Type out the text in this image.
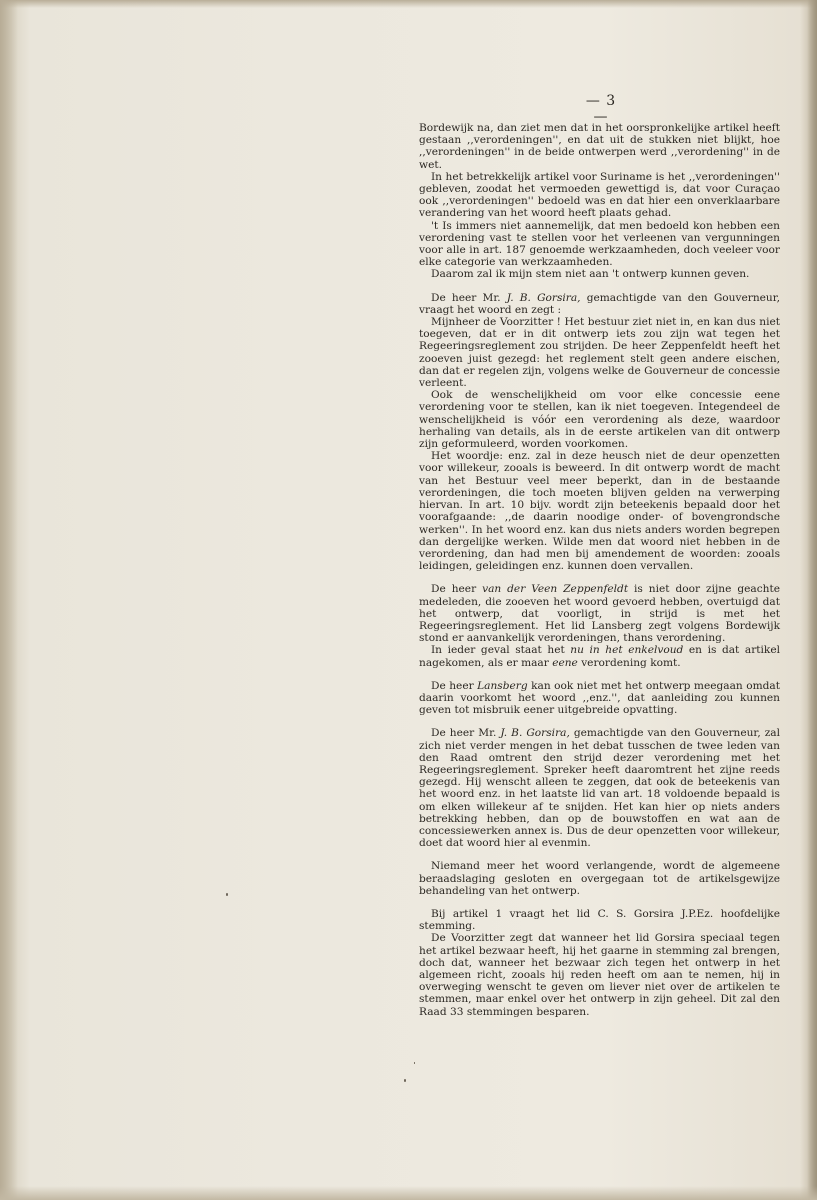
— 3 —

Bordewijk na, dan ziet men dat in het oorspronkelijke artikel heeft gestaan ,,verordeningen'', en dat uit de stukken niet blijkt, hoe ,,verordeningen'' in de beide ontwerpen werd ,,verordening'' in de wet.

In het betrekkelijk artikel voor Suriname is het ,,verordeningen'' gebleven, zoodat het vermoeden gewettigd is, dat voor Curaçao ook ,,verordeningen'' bedoeld was en dat hier een onverklaarbare verandering van het woord heeft plaats gehad.

't Is immers niet aannemelijk, dat men bedoeld kon hebben een verordening vast te stellen voor het verleenen van vergunningen voor alle in art. 187 genoemde werkzaamheden, doch veeleer voor elke categorie van werkzaamheden.

Daarom zal ik mijn stem niet aan 't ontwerp kunnen geven.

De heer Mr. J. B. Gorsira, gemachtigde van den Gouverneur, vraagt het woord en zegt :

Mijnheer de Voorzitter ! Het bestuur ziet niet in, en kan dus niet toegeven, dat er in dit ontwerp iets zou zijn wat tegen het Regeeringsreglement zou strijden. De heer Zeppenfeldt heeft het zooeven juist gezegd: het reglement stelt geen andere eischen, dan dat er regelen zijn, volgens welke de Gouverneur de concessie verleent.

Ook de wenschelijkheid om voor elke concessie eene verordening voor te stellen, kan ik niet toegeven. Integendeel de wenschelijkheid is vóór een verordening als deze, waardoor herhaling van details, als in de eerste artikelen van dit ontwerp zijn geformuleerd, worden voorkomen.

Het woordje: enz. zal in deze heusch niet de deur openzetten voor willekeur, zooals is beweerd. In dit ontwerp wordt de macht van het Bestuur veel meer beperkt, dan in de bestaande verordeningen, die toch moeten blijven gelden na verwerping hiervan. In art. 10 bijv. wordt zijn beteekenis bepaald door het voorafgaande: ,,de daarin noodige onder- of bovengrondsche werken''. In het woord enz. kan dus niets anders worden begrepen dan dergelijke werken. Wilde men dat woord niet hebben in de verordening, dan had men bij amendement de woorden: zooals leidingen, geleidingen enz. kunnen doen vervallen.

De heer van der Veen Zeppenfeldt is niet door zijne geachte medeleden, die zooeven het woord gevoerd hebben, overtuigd dat het ontwerp, dat voorligt, in strijd is met het Regeeringsreglement. Het lid Lansberg zegt volgens Bordewijk stond er aanvankelijk verordeningen, thans verordening.

In ieder geval staat het nu in het enkelvoud en is dat artikel nagekomen, als er maar eene verordening komt.

De heer Lansberg kan ook niet met het ontwerp meegaan omdat daarin voorkomt het woord ,,enz.'', dat aanleiding zou kunnen geven tot misbruik eener uitgebreide opvatting.

De heer Mr. J. B. Gorsira, gemachtigde van den Gouverneur, zal zich niet verder mengen in het debat tusschen de twee leden van den Raad omtrent den strijd dezer verordening met het Regeeringsreglement. Spreker heeft daaromtrent het zijne reeds gezegd. Hij wenscht alleen te zeggen, dat ook de beteekenis van het woord enz. in het laatste lid van art. 18 voldoende bepaald is om elken willekeur af te snijden. Het kan hier op niets anders betrekking hebben, dan op de bouwstoffen en wat aan de concessiewerken annex is. Dus de deur openzetten voor willekeur, doet dat woord hier al evenmin.

Niemand meer het woord verlangende, wordt de algemeene beraadslaging gesloten en overgegaan tot de artikelsgewijze behandeling van het ontwerp.

Bij artikel 1 vraagt het lid C. S. Gorsira J.P.Ez. hoofdelijke stemming.

De Voorzitter zegt dat wanneer het lid Gorsira speciaal tegen het artikel bezwaar heeft, hij het gaarne in stemming zal brengen, doch dat, wanneer het bezwaar zich tegen het ontwerp in het algemeen richt, zooals hij reden heeft om aan te nemen, hij in overweging wenscht te geven om liever niet over de artikelen te stemmen, maar enkel over het ontwerp in zijn geheel. Dit zal den Raad 33 stemmingen besparen.
